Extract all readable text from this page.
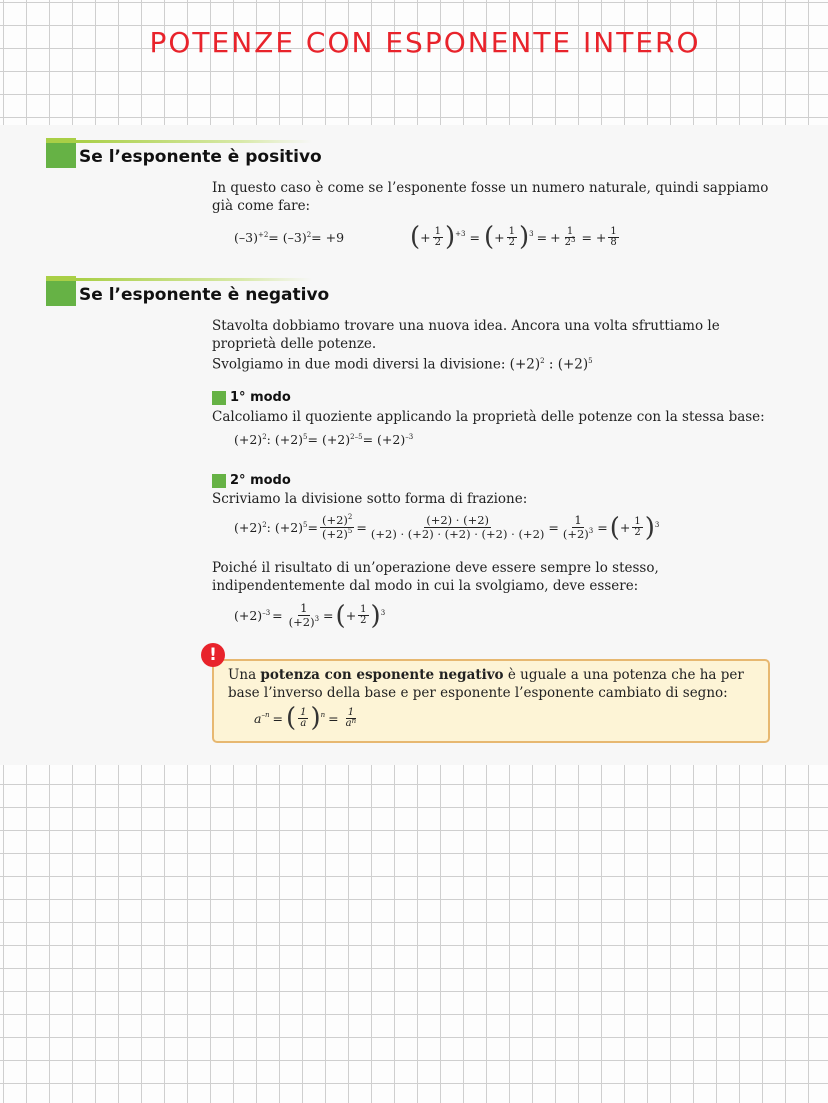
POTENZE CON ESPONENTE INTERO
Se l’esponente è positivo
In questo caso è come se l’esponente fosse un numero naturale, quindi sappiamo già come fare:
$(-3)^{+2} = (-3)^2 = +9$	( + $\frac{1}{2} )^{+3}$ = ( + $\frac{1}{2} )^3$ = + $\frac{1}{2^3}$ = + $\frac{1}{8}$
Se l’esponente è negativo
Stavolta dobbiamo trovare una nuova idea. Ancora una volta sfruttiamo le proprietà delle potenze.
Svolgiamo in due modi diversi la divisione: $(+2)^2$ : $(+2)^5$
1° modo
Calcoliamo il quoziente applicando la proprietà delle potenze con la stessa base:
$(+2)^2$ : $(+2)^5 = (+2)^{2-5} = (+2)^{-3}$
2° modo
Scriviamo la divisione sotto forma di frazione:
$(+2)^2$ : $(+2)^5 = \frac{(+2)^2}{(+2)^5} = \frac{(+2) \cdot (+2)}{(+2) \cdot (+2) \cdot (+2) \cdot (+2) \cdot (+2)} = \frac{1}{(+2)^3}$ = ( + $\frac{1}{2} )^3$
Poiché il risultato di un’operazione deve essere sempre lo stesso, indipendentemente dal modo in cui la svolgiamo, deve essere:
$(+2)^{-3} = \frac{1}{(+2)^3}$ = ( + $\frac{1}{2} )^3$
Una potenza con esponente negativo è uguale a una potenza che ha per base l’inverso della base e per esponente l’esponente cambiato di segno:
$a^{-n}$ = ( $\frac{1}{a} )^n = \frac{1}{a^n}$
!
